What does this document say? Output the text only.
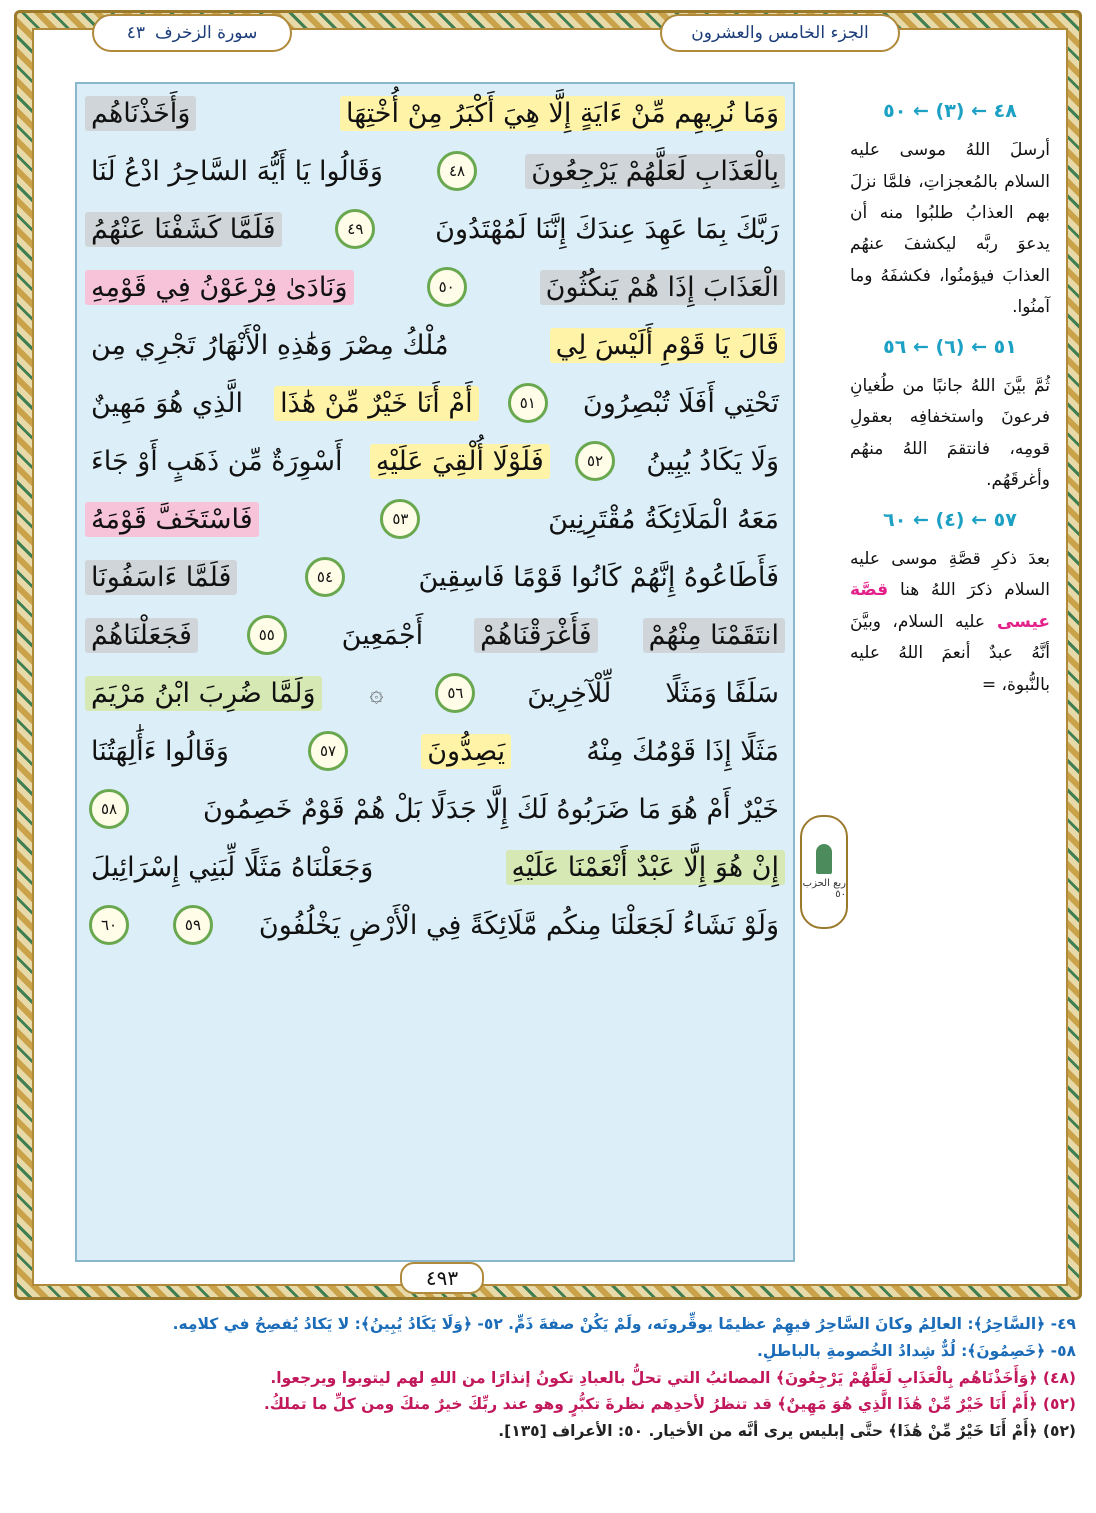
الجزء الخامس والعشرون
سورة الزخرف
٤٣
وَمَا نُرِيهِم مِّنْ ءَايَةٍ إِلَّا هِيَ أَكْبَرُ مِنْ أُخْتِهَا
وَأَخَذْنَاهُم
بِالْعَذَابِ لَعَلَّهُمْ يَرْجِعُونَ
٤٨
وَقَالُوا يَا أَيُّهَ السَّاحِرُ ادْعُ لَنَا
رَبَّكَ بِمَا عَهِدَ عِندَكَ إِنَّنَا لَمُهْتَدُونَ
٤٩
فَلَمَّا كَشَفْنَا عَنْهُمُ
الْعَذَابَ إِذَا هُمْ يَنكُثُونَ
٥٠
وَنَادَىٰ فِرْعَوْنُ فِي قَوْمِهِ
قَالَ يَا قَوْمِ أَلَيْسَ لِي
مُلْكُ مِصْرَ وَهَٰذِهِ الْأَنْهَارُ تَجْرِي مِن
تَحْتِي أَفَلَا تُبْصِرُونَ
٥١
أَمْ أَنَا خَيْرٌ مِّنْ هَٰذَا
الَّذِي هُوَ مَهِينٌ
وَلَا يَكَادُ يُبِينُ
٥٢
فَلَوْلَا أُلْقِيَ عَلَيْهِ
أَسْوِرَةٌ مِّن ذَهَبٍ أَوْ جَاءَ
مَعَهُ الْمَلَائِكَةُ مُقْتَرِنِينَ
٥٣
فَاسْتَخَفَّ قَوْمَهُ
فَأَطَاعُوهُ إِنَّهُمْ كَانُوا قَوْمًا فَاسِقِينَ
٥٤
فَلَمَّا ءَاسَفُونَا
انتَقَمْنَا مِنْهُمْ
فَأَغْرَقْنَاهُمْ
أَجْمَعِينَ
٥٥
فَجَعَلْنَاهُمْ
سَلَفًا وَمَثَلًا
لِّلْآخِرِينَ
٥٦
۞
وَلَمَّا ضُرِبَ ابْنُ مَرْيَمَ
مَثَلًا إِذَا قَوْمُكَ مِنْهُ
يَصِدُّونَ
٥٧
وَقَالُوا ءَأَٰلِهَتُنَا
خَيْرٌ أَمْ هُوَ مَا ضَرَبُوهُ لَكَ إِلَّا جَدَلًا بَلْ هُمْ قَوْمٌ خَصِمُونَ
٥٨
إِنْ هُوَ إِلَّا عَبْدٌ أَنْعَمْنَا عَلَيْهِ
وَجَعَلْنَاهُ مَثَلًا لِّبَنِي إِسْرَائِيلَ
وَلَوْ نَشَاءُ لَجَعَلْنَا مِنكُم مَّلَائِكَةً فِي الْأَرْضِ يَخْلُفُونَ
٥٩
٦٠
ربع الحزب ٥٠
٤٩٣
٤٨ ← (٣) ← ٥٠

أرسلَ اللهُ موسى عليه السلام بالمُعجزاتِ، فلمَّا نزلَ بهم العذابُ طلبُوا منه أن يدعوَ ربَّه ليكشفَ عنهُم العذابَ فيؤمنُوا، فكشفَهُ وما آمنُوا.

٥١ ← (٦) ← ٥٦

ثُمَّ بيَّنَ اللهُ جانبًا من طُغيانِ فرعونَ واستخفافِه بعقولِ قومِه، فانتقمَ اللهُ منهُم وأغرقَهُم.

٥٧ ← (٤) ← ٦٠

بعدَ ذكرِ قصَّةِ موسى عليه السلام ذكرَ اللهُ هنا قصَّة عيسى عليه السلام، وبيَّنَ أنَّهُ عبدٌ أنعمَ اللهُ عليه بالنُّبوة، =

٤٩- ﴿السَّاحِرُ﴾: العالِمُ وكانَ السَّاحِرُ فيهِمْ عظيمًا يوقِّرونَه، ولَمْ يَكُنْ صفةَ ذَمٍّ. ٥٢- ﴿وَلَا يَكَادُ يُبِينُ﴾: لا يَكادُ يُفصِحُ في كلامِه.
٥٨- ﴿خَصِمُونَ﴾: لُدٌّ شِدادُ الخُصومةِ بالباطلِ.
(٤٨) ﴿وَأَخَذْنَاهُم بِالْعَذَابِ لَعَلَّهُمْ يَرْجِعُونَ﴾ المصائبُ التي تحلُّ بالعبادِ تكونُ إنذارًا من اللهِ لهم ليتوبوا ويرجعوا.
(٥٢) ﴿أَمْ أَنَا خَيْرٌ مِّنْ هَٰذَا الَّذِي هُوَ مَهِينٌ﴾ قد تنظرُ لأحدِهم نظرةَ تكبُّرٍ وهو عند ربِّكَ خيرٌ منكَ ومن كلِّ ما تملكُ.
(٥٢) ﴿أَمْ أَنَا خَيْرٌ مِّنْ هَٰذَا﴾ حتَّى إبليس يرى أنَّه من الأخيار. ٥٠: الأعراف [١٣٥].
